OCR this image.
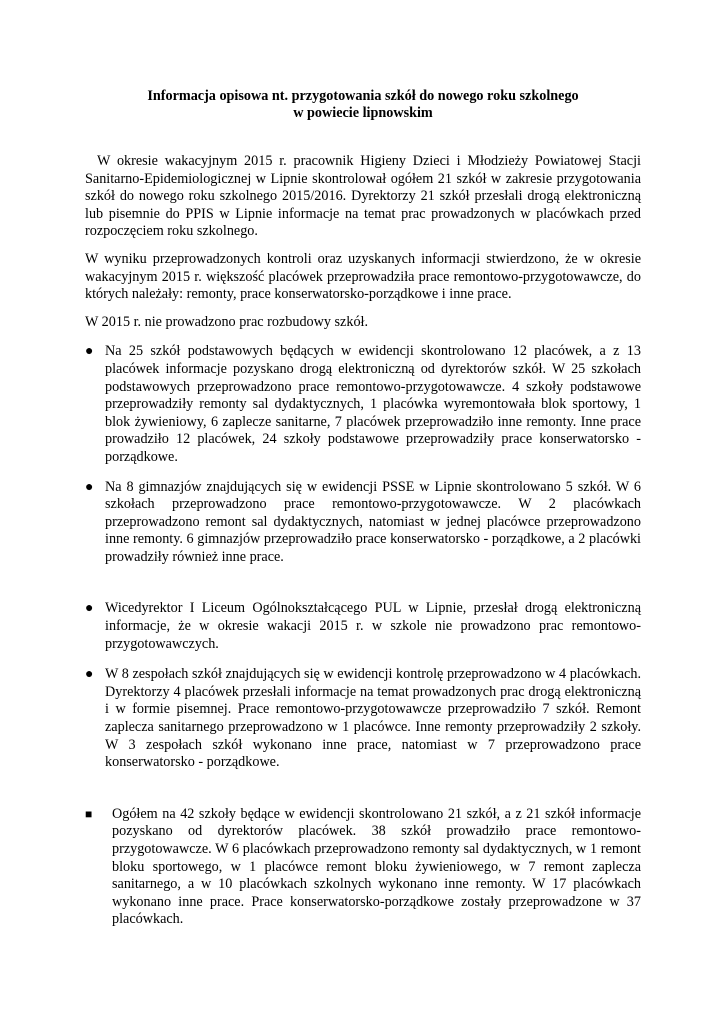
Informacja opisowa nt. przygotowania szkół do nowego roku szkolnego
w powiecie lipnowskim

W okresie wakacyjnym 2015 r. pracownik Higieny Dzieci i Młodzieży Powiatowej Stacji Sanitarno-Epidemiologicznej w Lipnie skontrolował ogółem 21 szkół w zakresie przygotowania szkół do nowego roku szkolnego 2015/2016. Dyrektorzy 21 szkół przesłali drogą elektroniczną lub pisemnie do PPIS w Lipnie informacje na temat prac prowadzonych w placówkach przed rozpoczęciem roku szkolnego.

W wyniku przeprowadzonych kontroli oraz uzyskanych informacji stwierdzono, że w okresie wakacyjnym 2015 r. większość placówek przeprowadziła prace remontowo-przygotowawcze, do których należały: remonty, prace konserwatorsko-porządkowe i inne prace.

W 2015 r. nie prowadzono prac rozbudowy szkół.

● Na 25 szkół podstawowych będących w ewidencji skontrolowano 12 placówek, a z 13 placówek informacje pozyskano drogą elektroniczną od dyrektorów szkół. W 25 szkołach podstawowych przeprowadzono prace remontowo-przygotowawcze. 4 szkoły podstawowe przeprowadziły remonty sal dydaktycznych, 1 placówka wyremontowała blok sportowy, 1 blok żywieniowy, 6 zaplecze sanitarne, 7 placówek przeprowadziło inne remonty. Inne prace prowadziło 12 placówek, 24 szkoły podstawowe przeprowadziły prace konserwatorsko - porządkowe.
● Na 8 gimnazjów znajdujących się w ewidencji PSSE w Lipnie skontrolowano 5 szkół. W 6 szkołach przeprowadzono prace remontowo-przygotowawcze. W 2 placówkach przeprowadzono remont sal dydaktycznych, natomiast w jednej placówce przeprowadzono inne remonty. 6 gimnazjów przeprowadziło prace konserwatorsko - porządkowe, a 2 placówki prowadziły również inne prace.
● Wicedyrektor I Liceum Ogólnokształcącego PUL w Lipnie, przesłał drogą elektroniczną informacje, że w okresie wakacji 2015 r. w szkole nie prowadzono prac remontowo-przygotowawczych.
● W 8 zespołach szkół znajdujących się w ewidencji kontrolę przeprowadzono w 4 placówkach. Dyrektorzy 4 placówek przesłali informacje na temat prowadzonych prac drogą elektroniczną i w formie pisemnej. Prace remontowo-przygotowawcze przeprowadziło 7 szkół. Remont zaplecza sanitarnego przeprowadzono w 1 placówce. Inne remonty przeprowadziły 2 szkoły. W 3 zespołach szkół wykonano inne prace, natomiast w 7 przeprowadzono prace konserwatorsko - porządkowe.
■	Ogółem na 42 szkoły będące w ewidencji skontrolowano 21 szkół, a z 21 szkół informacje pozyskano od dyrektorów placówek. 38 szkół prowadziło prace remontowo-przygotowawcze. W 6 placówkach przeprowadzono remonty sal dydaktycznych, w 1 remont bloku sportowego, w 1 placówce remont bloku żywieniowego, w 7 remont zaplecza sanitarnego, a w 10 placówkach szkolnych wykonano inne remonty. W 17 placówkach wykonano inne prace. Prace konserwatorsko-porządkowe zostały przeprowadzone w 37 placówkach.
